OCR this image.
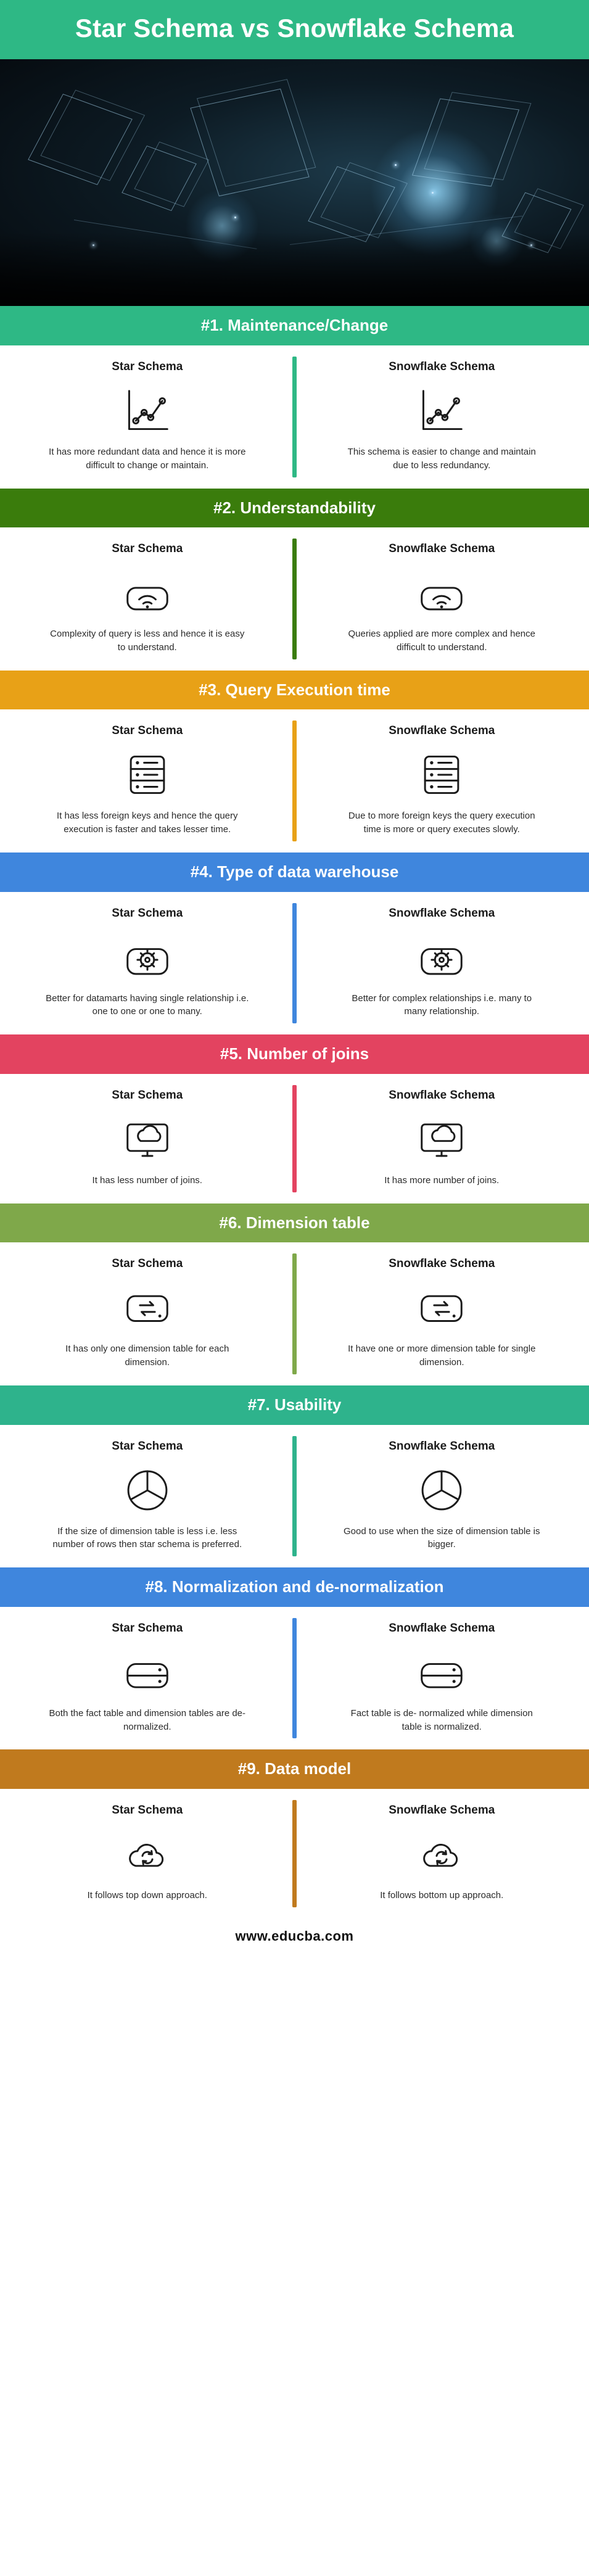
Star Schema vs Snowflake Schema
#1. Maintenance/Change
Star Schema

It has more redundant data and hence it is more difficult to change or maintain.

Snowflake Schema

This schema is easier to change and maintain due to less redundancy.

#2. Understandability
Star Schema

Complexity of query is less and hence it is easy to understand.

Snowflake Schema

Queries applied are more complex and hence difficult to understand.

#3. Query Execution time
Star Schema

It has less foreign keys and hence the query execution is faster and takes lesser time.

Snowflake Schema

Due to more foreign keys the query execution time is more or query executes slowly.

#4. Type of data warehouse
Star Schema

Better for datamarts having single relationship i.e. one to one or one to many.

Snowflake Schema

Better for complex relationships i.e. many to many relationship.

#5. Number of joins
Star Schema

It has less number of joins.

Snowflake Schema

It has more number of joins.

#6. Dimension table
Star Schema

It has only one dimension table for each dimension.

Snowflake Schema

It have one or more dimension table for single dimension.

#7. Usability
Star Schema

If the size of dimension table is less i.e. less number of rows then star schema is preferred.

Snowflake Schema

Good to use when the size of dimension table is bigger.

#8. Normalization and de-normalization
Star Schema

Both the fact table and dimension tables are de- normalized.

Snowflake Schema

Fact table is de- normalized while dimension table is normalized.

#9. Data model
Star Schema

It follows top down approach.

Snowflake Schema

It follows bottom up approach.

www.educba.com
